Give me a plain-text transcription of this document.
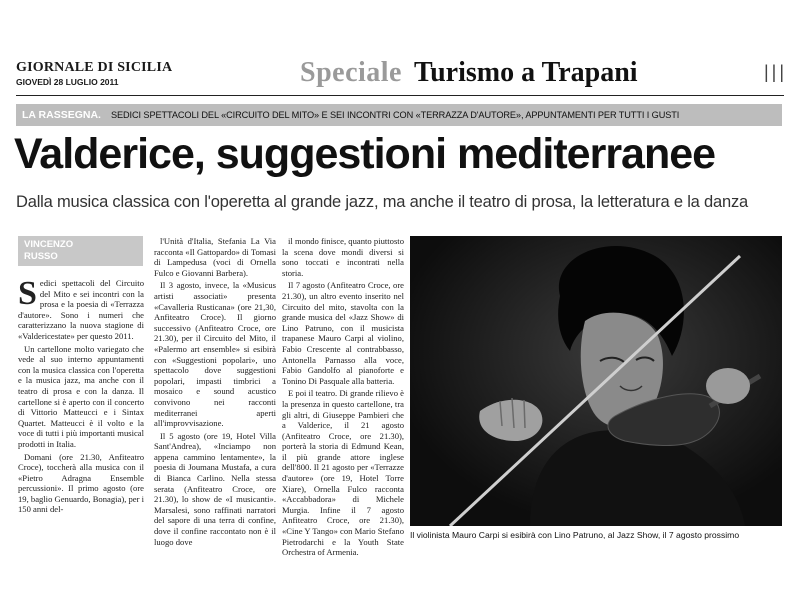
GIORNALE DI SICILIA
GIOVEDÌ 28 LUGLIO 2011	Speciale Turismo a Trapani	|||
LA RASSEGNA.	SEDICI SPETTACOLI DEL «CIRCUITO DEL MITO» E SEI INCONTRI CON «TERRAZZA D'AUTORE», APPUNTAMENTI PER TUTTI I GUSTI
Valderice, suggestioni mediterranee
Dalla musica classica con l'operetta al grande jazz, ma anche il teatro di prosa, la letteratura e la danza
VINCENZO
RUSSO

Sedici spettacoli del Circuito del Mito e sei incontri con la prosa e la poesia di «Terrazza d'autore». Sono i numeri che caratterizzano la nuova stagione di «Valdericestate» per questo 2011.

Un cartellone molto variegato che vede al suo interno appuntamenti con la musica classica con l'operetta e la musica jazz, ma anche con il teatro di prosa e con la danza. Il cartellone si è aperto con il concerto di Vittorio Matteucci e i Sintax Quartet. Matteucci è il volto e la voce di tutti i più importanti musical prodotti in Italia.

Domani (ore 21.30, Anfiteatro Croce), toccherà alla musica con il «Pietro Adragna Ensemble percussioni». Il primo agosto (ore 19, baglio Genuardo, Bonagia), per i 150 anni del-

l'Unità d'Italia, Stefania La Via racconta «Il Gattopardo» di Tomasi di Lampedusa (voci di Ornella Fulco e Giovanni Barbera).

Il 3 agosto, invece, la «Musicus artisti associati» presenta «Cavalleria Rusticana» (ore 21,30, Anfiteatro Croce). Il giorno successivo (Anfiteatro Croce, ore 21.30), per il Circuito del Mito, il «Palermo art ensemble» si esibirà con «Suggestioni popolari», uno spettacolo dove suggestioni popolari, impasti timbrici a mosaico e sound acustico convivono nei racconti mediterranei aperti all'improvvisazione.

Il 5 agosto (ore 19, Hotel Villa Sant'Andrea), «Inciampo non appena cammino lentamente», la poesia di Joumana Mustafa, a cura di Bianca Carlino. Nella stessa serata (Anfiteatro Croce, ore 21.30), lo show de «I musicanti». Marsalesi, sono raffinati narratori del sapore di una terra di confine, dove il confine raccontato non è il luogo dove

il mondo finisce, quanto piuttosto la scena dove mondi diversi si sono toccati e incontrati nella storia.

Il 7 agosto (Anfiteatro Croce, ore 21.30), un altro evento inserito nel Circuito del mito, stavolta con la grande musica del «Jazz Show» di Lino Patruno, con il musicista trapanese Mauro Carpi al violino, Fabio Crescente al contrabbasso, Antonella Parnasso alla voce, Fabio Gandolfo al pianoforte e Tonino Di Pasquale alla batteria.

E poi il teatro. Di grande rilievo è la presenza in questo cartellone, tra gli altri, di Giuseppe Pambieri che a Valderice, il 21 agosto (Anfiteatro Croce, ore 21.30), porterà la storia di Edmund Kean, il più grande attore inglese dell'800. Il 21 agosto per «Terrazze d'autore» (ore 19, Hotel Torre Xiare), Ornella Fulco racconta «Accabbadora» di Michele Murgia. Infine il 7 agosto Anfiteatro Croce, ore 21.30), «Cine Y Tango» con Mario Stefano Pietrodarchi e la Youth State Orchestra of Armenia.

Il violinista Mauro Carpi si esibirà con Lino Patruno, al Jazz Show, il 7 agosto prossimo
